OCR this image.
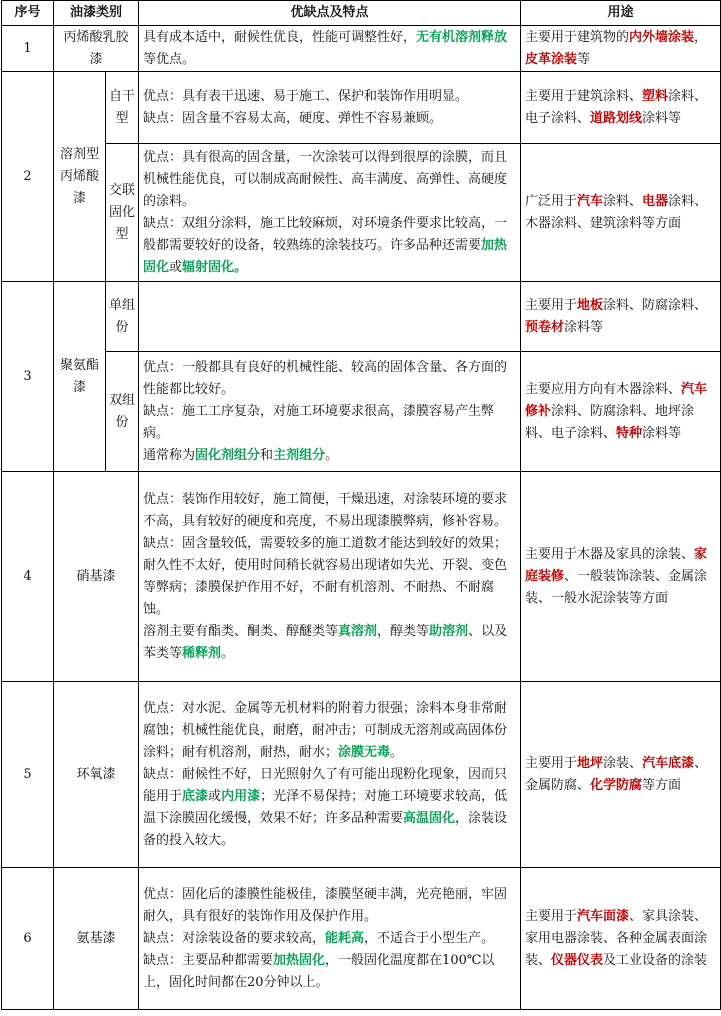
序号	油漆类别		优缺点及特点	用途
1	丙烯酸乳胶漆		具有成本适中，耐候性优良，性能可调整性好，无有机溶剂释放等优点。	主要用于建筑物的内外墙涂装，皮革涂装等
2	溶剂型丙烯酸漆	自干型	优点：具有表干迅速、易于施工、保护和装饰作用明显。
缺点：固含量不容易太高，硬度、弹性不容易兼顾。	主要用于建筑涂料、塑料涂料、电子涂料、道路划线涂料等
		交联固化型	优点：具有很高的固含量，一次涂装可以得到很厚的涂膜，而且机械性能优良，可以制成高耐候性、高丰满度、高弹性、高硬度的涂料。
缺点：双组分涂料，施工比较麻烦，对环境条件要求比较高，一般都需要较好的设备，较熟练的涂装技巧。许多品种还需要加热固化或辐射固化。	广泛用于汽车涂料、电器涂料、木器涂料、建筑涂料等方面
3	聚氨酯漆	单组份		主要用于地板涂料、防腐涂料、预卷材涂料等
		双组份	优点：一般都具有良好的机械性能、较高的固体含量、各方面的性能都比较好。
缺点：施工工序复杂，对施工环境要求很高，漆膜容易产生弊病。
通常称为固化剂组分和主剂组分。	主要应用方向有木器涂料、汽车修补涂料、防腐涂料、地坪涂料、电子涂料、特种涂料等
4	硝基漆		优点：装饰作用较好，施工简便，干燥迅速，对涂装环境的要求不高，具有较好的硬度和亮度，不易出现漆膜弊病，修补容易。
缺点：固含量较低，需要较多的施工道数才能达到较好的效果；耐久性不太好，使用时间稍长就容易出现诸如失光、开裂、变色等弊病；漆膜保护作用不好，不耐有机溶剂、不耐热、不耐腐蚀。
溶剂主要有酯类、酮类、醇醚类等真溶剂，醇类等助溶剂、以及苯类等稀释剂。	主要用于木器及家具的涂装、家庭装修、一般装饰涂装、金属涂装、一般水泥涂装等方面
5	环氧漆		优点：对水泥、金属等无机材料的附着力很强；涂料本身非常耐腐蚀；机械性能优良，耐磨，耐冲击；可制成无溶剂或高固体份涂料；耐有机溶剂，耐热，耐水；涂膜无毒。
缺点：耐候性不好，日光照射久了有可能出现粉化现象，因而只能用于底漆或内用漆；光泽不易保持；对施工环境要求较高，低温下涂膜固化缓慢，效果不好；许多品种需要高温固化，涂装设备的投入较大。	主要用于地坪涂装、汽车底漆、金属防腐、化学防腐等方面
6	氨基漆		优点：固化后的漆膜性能极佳，漆膜坚硬丰满，光亮艳丽，牢固耐久，具有很好的装饰作用及保护作用。
缺点：对涂装设备的要求较高，能耗高，不适合于小型生产。
缺点：主要品种都需要加热固化，一般固化温度都在100℃以上，固化时间都在20分钟以上。	主要用于汽车面漆、家具涂装、家用电器涂装、各种金属表面涂装、仪器仪表及工业设备的涂装
